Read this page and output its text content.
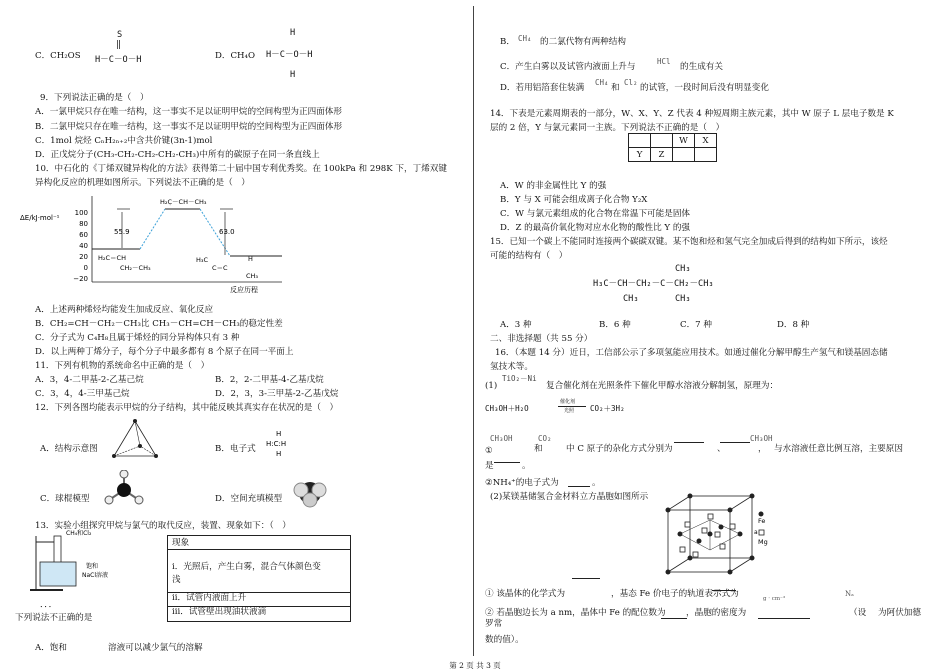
C．CH₂OS
S
‖
H－C－O－H	D．CH₄O
H
H－C－O－H
H
9．下列说法正确的是（　）
A．一氯甲烷只存在唯一结构，这一事实不足以证明甲烷的空间构型为正四面体形
B．二氯甲烷只存在唯一结构，这一事实不足以证明甲烷的空间构型为正四面体形
C．1mol 烷烃 CₙH₂ₙ₊₂中含共价键(3n-1)mol
D．正戊烷分子(CH₃-CH₂-CH₂-CH₂-CH₃)中所有的碳原子在同一条直线上
10．中石化的《丁烯双键异构化的方法》获得第二十届中国专利优秀奖。在 100kPa 和 298K 下，丁烯双键
异构化反应的机理如图所示。下列说法不正确的是（　）
ΔE/kJ·mol⁻¹
100
80
60
40
20
0
−20
55.9	63.0
H₂C̣－CH－CH₃
H₂C＝CH
CH₂－CH₃
H₃C
C＝C
H
CH₃
反应历程
A．上述两种烯烃均能发生加成反应、氧化反应
B．CH₂=CH－CH₂－CH₃比 CH₃－CH=CH－CH₃的稳定性差
C．分子式为 C₄H₈且属于烯烃的同分异构体只有 3 种
D．以上两种丁烯分子，每个分子中最多都有 8 个原子在同一平面上
11．下列有机物的系统命名中正确的是（　）
A．3，4-二甲基-2-乙基己烷	B．2，2-二甲基-4-乙基戊烷
C．3，4，4-三甲基己烷	D．2，3，3-三甲基-2-乙基戊烷
12．下列各图均能表示甲烷的分子结构，其中能反映其真实存在状况的是（　）
A．结构示意图	B．电子式
H
H:C:H
H
C．球棍模型	D．空间充填模型
13．实验小组探究甲烷与氯气的取代反应，装置、现象如下：（　）
CH₄和Cl₂
饱和
NaCl溶液
现象
i．光照后，产生白雾，混合气体颜色变
浅
ii．试管内液面上升
iii．试管壁出现油状液滴
．．．
下列说法不正确的是
A．饱和	溶液可以减少氯气的溶解
B． CH₄ 的二氯代物有两种结构
C．产生白雾以及试管内液面上升与
HCl
的生成有关
D．若用铝箔套住装满
CH₄
和
Cl₂
的试管，一段时间后没有明显变化
14．下表是元素周期表的一部分，W、X、Y、Z 代表 4 种短周期主族元素，其中 W 原子 L 层电子数是 K
层的 2 倍，Y 与氯元素同一主族。下列说法不正确的是（　）
		W	X
Y	Z		
A．W 的非金属性比 Y 的强
B．Y 与 X 可能会组成离子化合物 Y₂X
C．W 与氯元素组成的化合物在常温下可能是固体
D．Z 的最高价氧化物对应水化物的酸性比 Y 的强
15．已知一个碳上不能同时连接两个碳碳双键。某不饱和烃和氢气完全加成后得到的结构如下所示，该烃
可能的结构有（　）
CH₃
H₃C－CH－CH₂－C－CH₂－CH₃
CH₃	CH₃
A．3 种	B．6 种	C．7 种	D．8 种
二、非选择题（共 55 分）
16．（本题 14 分）近日，工信部公示了多项氢能应用技术。如通过催化分解甲醇生产氢气和镁基固态储
氢技术等。
(1)
TiO₂－Ni
复合催化剂在光照条件下催化甲醇水溶液分解制氢，原理为：
CH₃OH＋H₂O
催化剂
光照 CO₂＋3H₂
CH₃OH	CO₂	CH₃OH
①	和	中 C 原子的杂化方式分别为	、	， 与水溶液任意比例互溶，主要原因
是	。
②NH₄⁺的电子式为	。
(2)某镁基储氢合金材料立方晶胞如图所示
a
Fe
Mg
① 该晶体的化学式为	，基态 Fe 价电子的轨道表示式为	g · cm⁻³
Nₐ
② 若晶胞边长为 a nm，晶体中 Fe 的配位数为 ，晶胞的密度为	（设 为阿伏加德
罗常
数的值）。
第 2 页 共 3 页
